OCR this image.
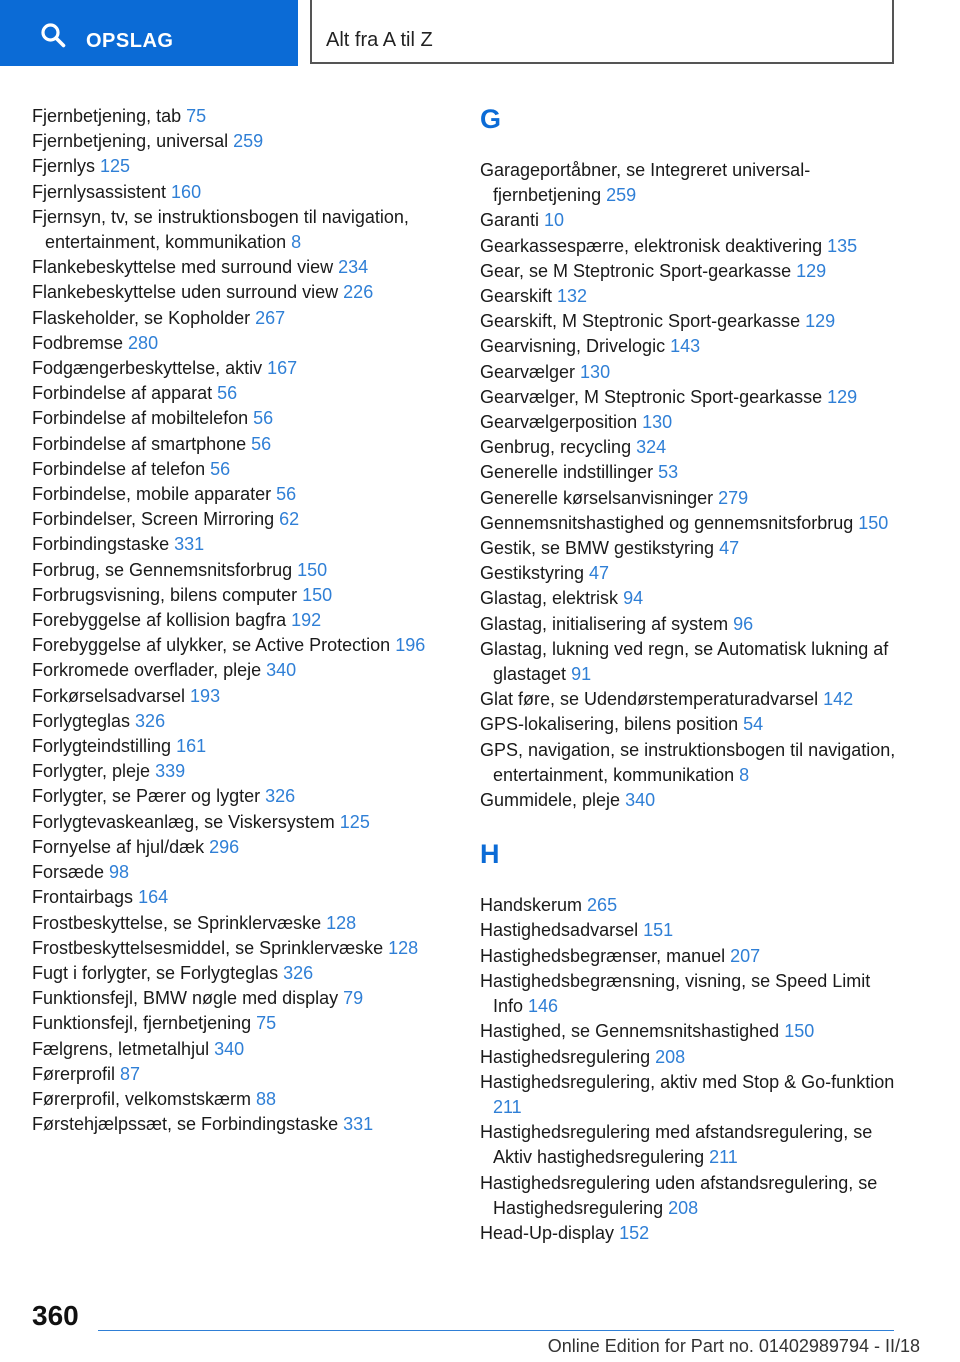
OPSLAG	Alt fra A til Z
Fjernbetjening, tab 75
Fjernbetjening, universal 259
Fjernlys 125
Fjernlysassistent 160
Fjernsyn, tv, se instruktionsbogen til navigation, entertainment, kommunikation 8
Flankebeskyttelse med surround view 234
Flankebeskyttelse uden surround view 226
Flaskeholder, se Kopholder 267
Fodbremse 280
Fodgængerbeskyttelse, aktiv 167
Forbindelse af apparat 56
Forbindelse af mobiltelefon 56
Forbindelse af smartphone 56
Forbindelse af telefon 56
Forbindelse, mobile apparater 56
Forbindelser, Screen Mirroring 62
Forbindingstaske 331
Forbrug, se Gennemsnitsforbrug 150
Forbrugsvisning, bilens computer 150
Forebyggelse af kollision bagfra 192
Forebyggelse af ulykker, se Active Protection 196
Forkromede overflader, pleje 340
Forkørselsadvarsel 193
Forlygteglas 326
Forlygteindstilling 161
Forlygter, pleje 339
Forlygter, se Pærer og lygter 326
Forlygtevaskeanlæg, se Viskersystem 125
Fornyelse af hjul/dæk 296
Forsæde 98
Frontairbags 164
Frostbeskyttelse, se Sprinklervæske 128
Frostbeskyttelsesmiddel, se Sprinklervæske 128
Fugt i forlygter, se Forlygteglas 326
Funktionsfejl, BMW nøgle med display 79
Funktionsfejl, fjernbetjening 75
Fælgrens, letmetalhjul 340
Førerprofil 87
Førerprofil, velkomstskærm 88
Førstehjælpssæt, se Forbindingstaske 331
G
Garageportåbner, se Integreret universal-fjernbetjening 259
Garanti 10
Gearkassespærre, elektronisk deaktivering 135
Gear, se M Steptronic Sport-gearkasse 129
Gearskift 132
Gearskift, M Steptronic Sport-gearkasse 129
Gearvisning, Drivelogic 143
Gearvælger 130
Gearvælger, M Steptronic Sport-gearkasse 129
Gearvælgerposition 130
Genbrug, recycling 324
Generelle indstillinger 53
Generelle kørselsanvisninger 279
Gennemsnitshastighed og gennemsnitsforbrug 150
Gestik, se BMW gestikstyring 47
Gestikstyring 47
Glastag, elektrisk 94
Glastag, initialisering af system 96
Glastag, lukning ved regn, se Automatisk lukning af glastaget 91
Glat føre, se Udendørstemperaturadvarsel 142
GPS-lokalisering, bilens position 54
GPS, navigation, se instruktionsbogen til navigation, entertainment, kommunikation 8
Gummidele, pleje 340
H
Handskerum 265
Hastighedsadvarsel 151
Hastighedsbegrænser, manuel 207
Hastighedsbegrænsning, visning, se Speed Limit Info 146
Hastighed, se Gennemsnitshastighed 150
Hastighedsregulering 208
Hastighedsregulering, aktiv med Stop & Go-funktion 211
Hastighedsregulering med afstandsregulering, se Aktiv hastighedsregulering 211
Hastighedsregulering uden afstandsregulering, se Hastighedsregulering 208
Head-Up-display 152
360
Online Edition for Part no. 01402989794 - II/18
